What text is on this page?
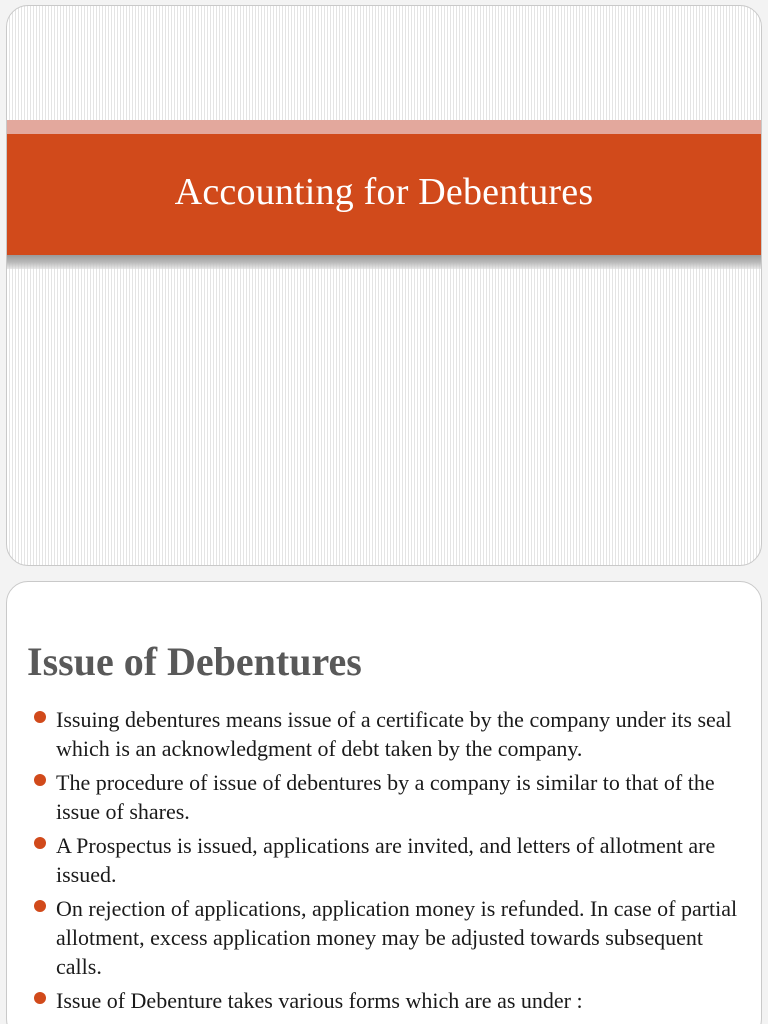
Accounting for Debentures
Issue of Debentures
Issuing debentures means issue of a certificate by the company under its seal which is an acknowledgment of debt taken by the company.
The procedure of issue of debentures by a company is similar to that of the issue of shares.
A Prospectus is issued, applications are invited, and letters of allotment are issued.
On rejection of applications, application money is refunded. In case of partial allotment, excess application money may be adjusted towards subsequent calls.
Issue of Debenture takes various forms which are as under :
